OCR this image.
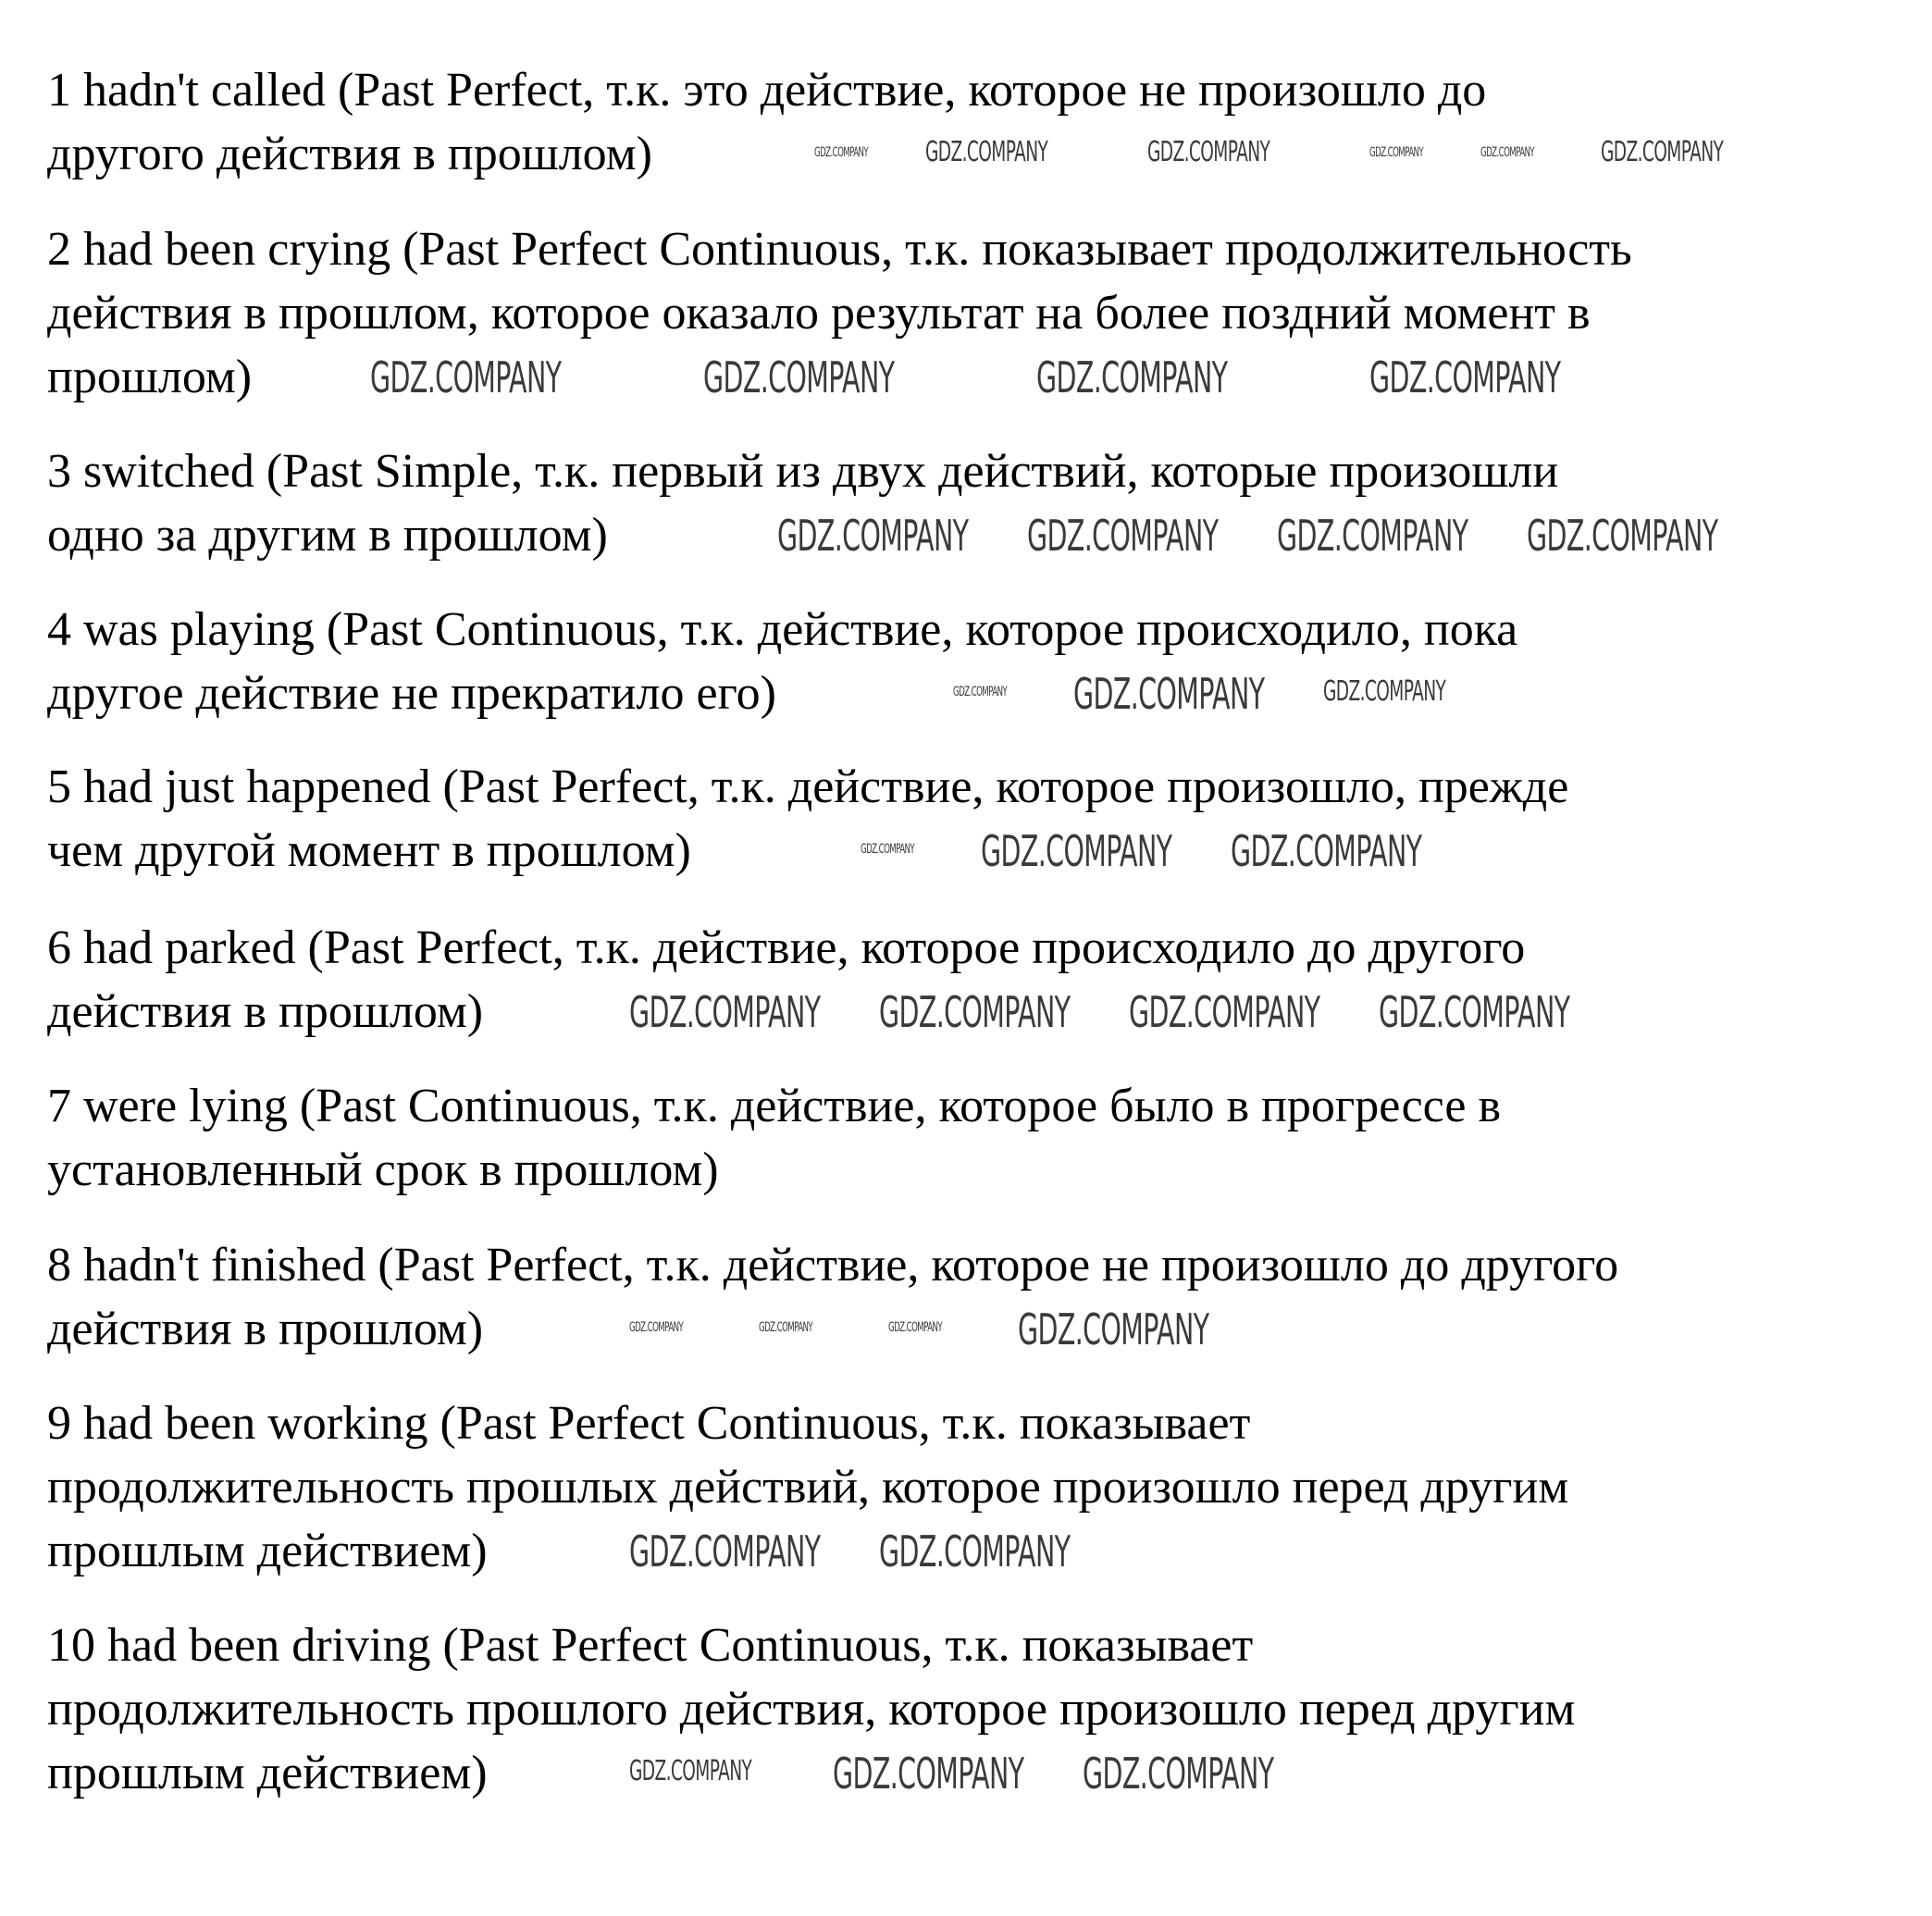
1 hadn't called (Past Perfect, т.к. это действие, которое не произошло до
другого действия в прошлом)
2 had been crying (Past Perfect Continuous, т.к. показывает продолжительность
действия в прошлом, которое оказало результат на более поздний момент в
прошлом)
3 switched (Past Simple, т.к. первый из двух действий, которые произошли
одно за другим в прошлом)
4 was playing (Past Continuous, т.к. действие, которое происходило, пока
другое действие не прекратило его)
5 had just happened (Past Perfect, т.к. действие, которое произошло, прежде
чем другой момент в прошлом)
6 had parked (Past Perfect, т.к. действие, которое происходило до другого
действия в прошлом)
7 were lying (Past Continuous, т.к. действие, которое было в прогрессе в
установленный срок в прошлом)
8 hadn't finished (Past Perfect, т.к. действие, которое не произошло до другого
действия в прошлом)
9 had been working (Past Perfect Continuous, т.к. показывает
продолжительность прошлых действий, которое произошло перед другим
прошлым действием)
10 had been driving (Past Perfect Continuous, т.к. показывает
продолжительность прошлого действия, которое произошло перед другим
прошлым действием)
GDZ.COMPANY GDZ.COMPANY	GDZ.COMPANY	GDZ.COMPANY	GDZ.COMPANY GDZ.COMPANY
GDZ.COMPANY	GDZ.COMPANY	GDZ.COMPANY	GDZ.COMPANY
GDZ.COMPANY GDZ.COMPANY GDZ.COMPANY GDZ.COMPANY
GDZ.COMPANY GDZ.COMPANY GDZ.COMPANY
GDZ.COMPANY GDZ.COMPANY GDZ.COMPANY
GDZ.COMPANY GDZ.COMPANY GDZ.COMPANY GDZ.COMPANY
GDZ.COMPANY	GDZ.COMPANY	GDZ.COMPANY GDZ.COMPANY
GDZ.COMPANY GDZ.COMPANY
GDZ.COMPANY GDZ.COMPANY GDZ.COMPANY
